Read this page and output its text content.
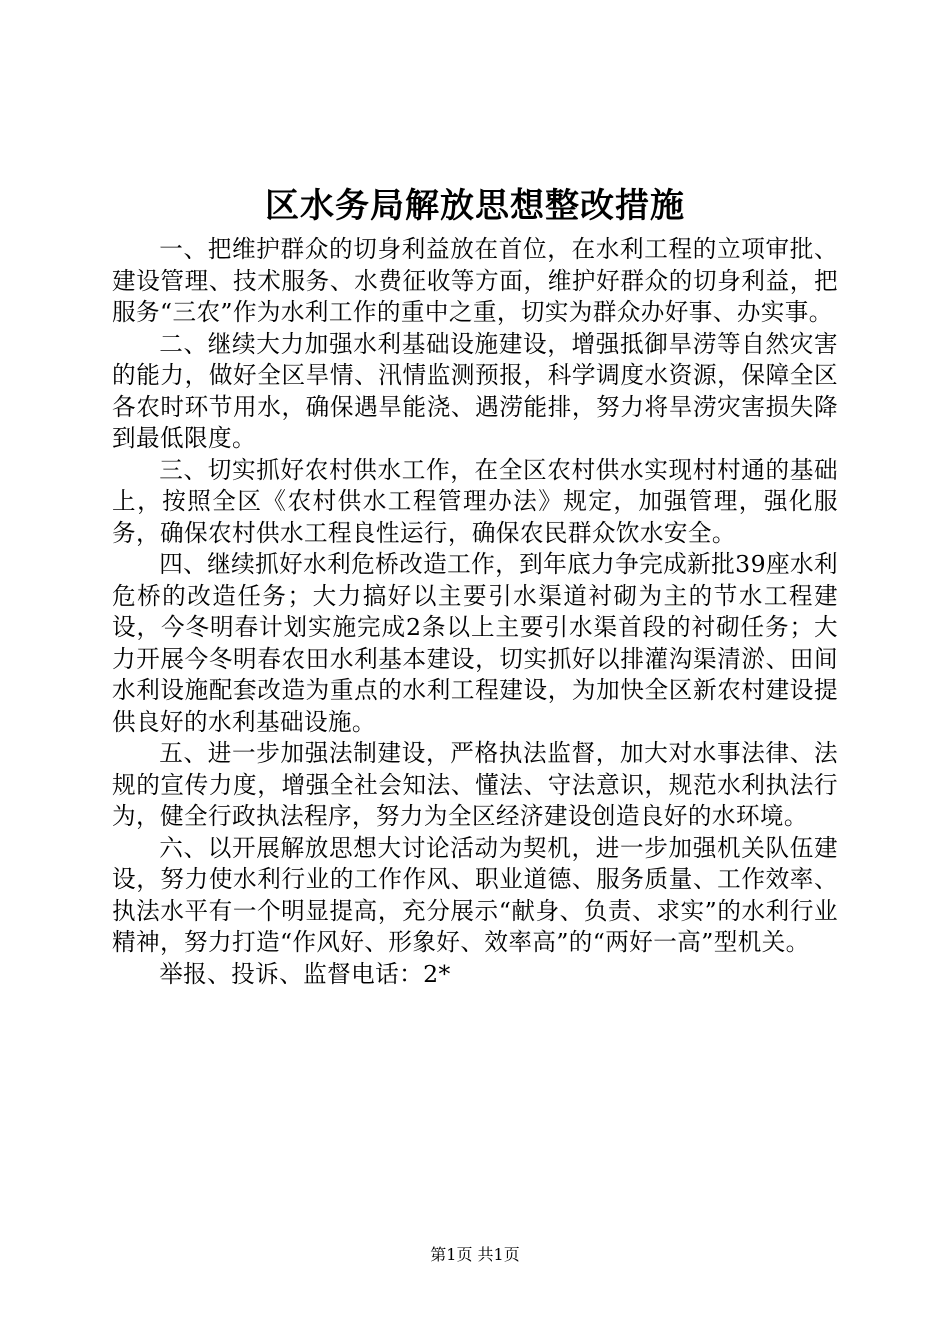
区水务局解放思想整改措施

一、把维护群众的切身利益放在首位，在水利工程的立项审批、建设管理、技术服务、水费征收等方面，维护好群众的切身利益，把服务“三农”作为水利工作的重中之重，切实为群众办好事、办实事。

二、继续大力加强水利基础设施建设，增强抵御旱涝等自然灾害的能力，做好全区旱情、汛情监测预报，科学调度水资源，保障全区各农时环节用水，确保遇旱能浇、遇涝能排，努力将旱涝灾害损失降到最低限度。

三、切实抓好农村供水工作，在全区农村供水实现村村通的基础上，按照全区《农村供水工程管理办法》规定，加强管理，强化服务，确保农村供水工程良性运行，确保农民群众饮水安全。

四、继续抓好水利危桥改造工作，到年底力争完成新批39座水利危桥的改造任务；大力搞好以主要引水渠道衬砌为主的节水工程建设，今冬明春计划实施完成2条以上主要引水渠首段的衬砌任务；大力开展今冬明春农田水利基本建设，切实抓好以排灌沟渠清淤、田间水利设施配套改造为重点的水利工程建设，为加快全区新农村建设提供良好的水利基础设施。

五、进一步加强法制建设，严格执法监督，加大对水事法律、法规的宣传力度，增强全社会知法、懂法、守法意识，规范水利执法行为，健全行政执法程序，努力为全区经济建设创造良好的水环境。

六、以开展解放思想大讨论活动为契机，进一步加强机关队伍建设，努力使水利行业的工作作风、职业道德、服务质量、工作效率、执法水平有一个明显提高，充分展示“献身、负责、求实”的水利行业精神，努力打造“作风好、形象好、效率高”的“两好一高”型机关。

举报、投诉、监督电话：2*

第1页 共1页
